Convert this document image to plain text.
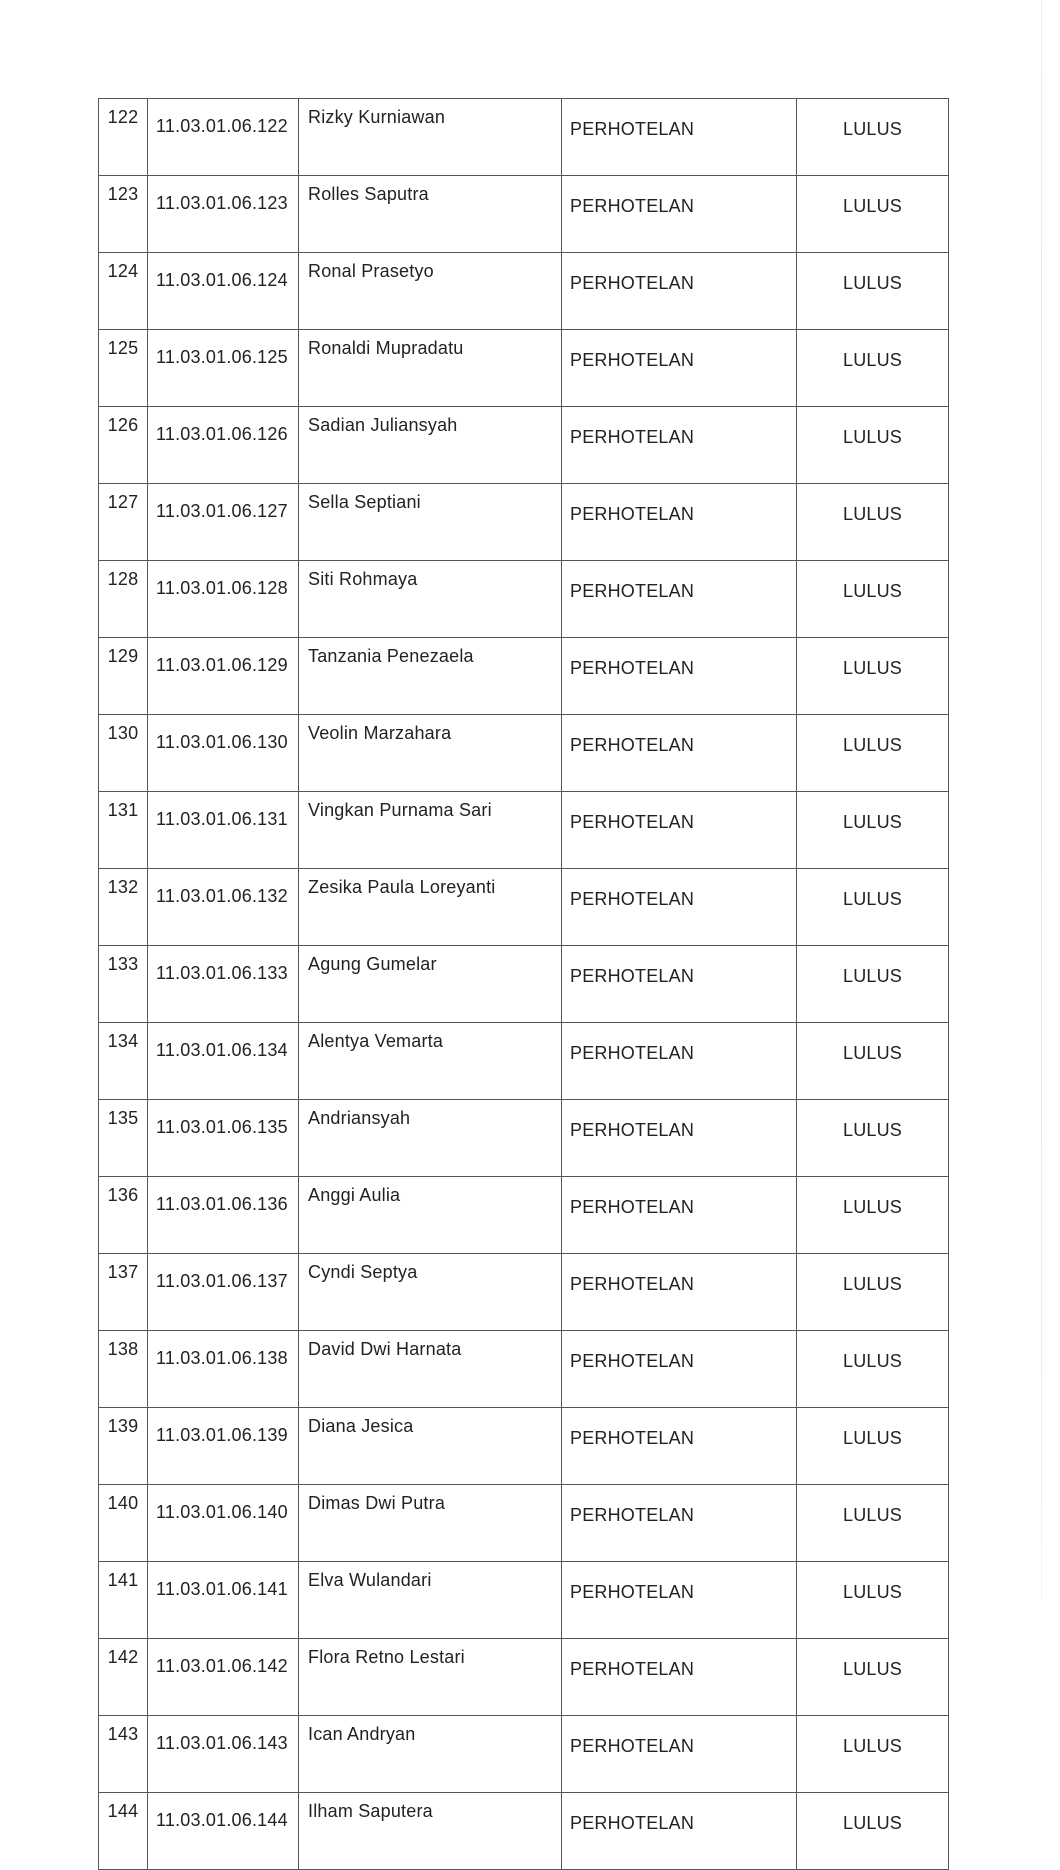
122	11.03.01.06.122	Rizky Kurniawan	PERHOTELAN	LULUS
123	11.03.01.06.123	Rolles Saputra	PERHOTELAN	LULUS
124	11.03.01.06.124	Ronal Prasetyo	PERHOTELAN	LULUS
125	11.03.01.06.125	Ronaldi Mupradatu	PERHOTELAN	LULUS
126	11.03.01.06.126	Sadian Juliansyah	PERHOTELAN	LULUS
127	11.03.01.06.127	Sella Septiani	PERHOTELAN	LULUS
128	11.03.01.06.128	Siti Rohmaya	PERHOTELAN	LULUS
129	11.03.01.06.129	Tanzania Penezaela	PERHOTELAN	LULUS
130	11.03.01.06.130	Veolin Marzahara	PERHOTELAN	LULUS
131	11.03.01.06.131	Vingkan Purnama Sari	PERHOTELAN	LULUS
132	11.03.01.06.132	Zesika Paula Loreyanti	PERHOTELAN	LULUS
133	11.03.01.06.133	Agung Gumelar	PERHOTELAN	LULUS
134	11.03.01.06.134	Alentya Vemarta	PERHOTELAN	LULUS
135	11.03.01.06.135	Andriansyah	PERHOTELAN	LULUS
136	11.03.01.06.136	Anggi Aulia	PERHOTELAN	LULUS
137	11.03.01.06.137	Cyndi Septya	PERHOTELAN	LULUS
138	11.03.01.06.138	David Dwi Harnata	PERHOTELAN	LULUS
139	11.03.01.06.139	Diana Jesica	PERHOTELAN	LULUS
140	11.03.01.06.140	Dimas Dwi Putra	PERHOTELAN	LULUS
141	11.03.01.06.141	Elva Wulandari	PERHOTELAN	LULUS
142	11.03.01.06.142	Flora Retno Lestari	PERHOTELAN	LULUS
143	11.03.01.06.143	Ican Andryan	PERHOTELAN	LULUS
144	11.03.01.06.144	Ilham Saputera	PERHOTELAN	LULUS
